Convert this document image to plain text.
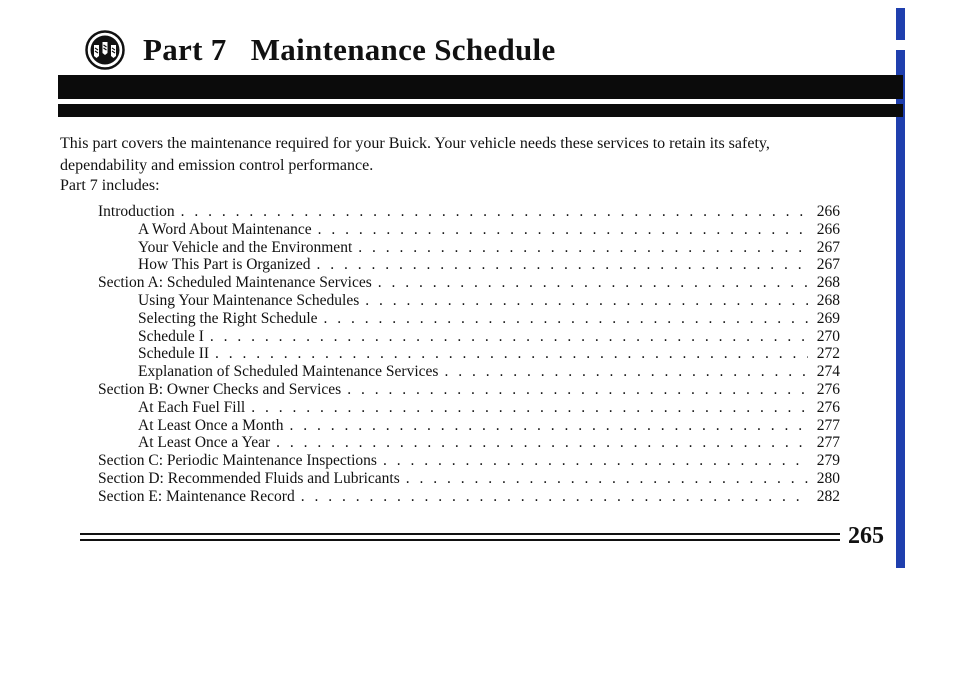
Part 7   Maintenance Schedule
This part covers the maintenance required for your Buick. Your vehicle needs these services to retain its safety, dependability and emission control performance.
Part 7 includes:
Introduction . . .	266
A Word About Maintenance . . .	266
Your Vehicle and the Environment . . .	267
How This Part is Organized . . .	267
Section A: Scheduled Maintenance Services . . .	268
Using Your Maintenance Schedules . . .	268
Selecting the Right Schedule . . .	269
Schedule I . . .	270
Schedule II . . .	272
Explanation of Scheduled Maintenance Services . . .	274
Section B: Owner Checks and Services . . .	276
At Each Fuel Fill . . .	276
At Least Once a Month . . .	277
At Least Once a Year . . .	277
Section C: Periodic Maintenance Inspections . . .	279
Section D: Recommended Fluids and Lubricants . . .	280
Section E: Maintenance Record . . .	282
265
